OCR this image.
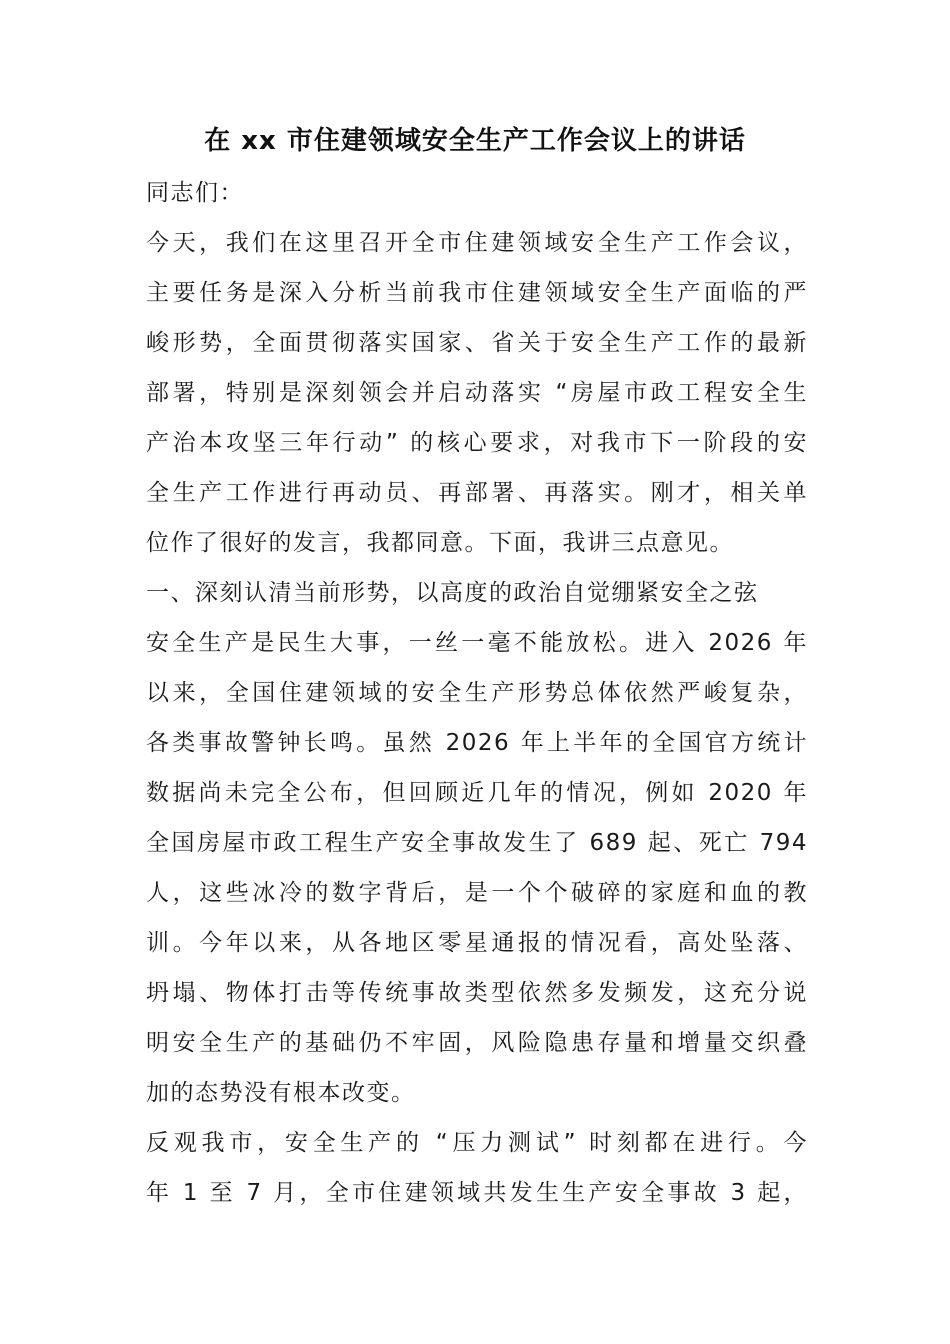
在 xx 市住建领域安全生产工作会议上的讲话
同志们：
今天，我们在这里召开全市住建领域安全生产工作会议，
主要任务是深入分析当前我市住建领域安全生产面临的严
峻形势，全面贯彻落实国家、省关于安全生产工作的最新
部署，特别是深刻领会并启动落实 “房屋市政工程安全生
产治本攻坚三年行动” 的核心要求，对我市下一阶段的安
全生产工作进行再动员、再部署、再落实。刚才，相关单
位作了很好的发言，我都同意。下面，我讲三点意见。
一、深刻认清当前形势，以高度的政治自觉绷紧安全之弦
安全生产是民生大事，一丝一毫不能放松。进入 2026 年
以来，全国住建领域的安全生产形势总体依然严峻复杂，
各类事故警钟长鸣。虽然 2026 年上半年的全国官方统计
数据尚未完全公布，但回顾近几年的情况，例如 2020 年
全国房屋市政工程生产安全事故发生了 689 起、死亡 794
人，这些冰冷的数字背后，是一个个破碎的家庭和血的教
训。今年以来，从各地区零星通报的情况看，高处坠落、
坍塌、物体打击等传统事故类型依然多发频发，这充分说
明安全生产的基础仍不牢固，风险隐患存量和增量交织叠
加的态势没有根本改变。
反观我市，安全生产的 “压力测试” 时刻都在进行。今
年 1 至 7 月，全市住建领域共发生生产安全事故 3 起，
